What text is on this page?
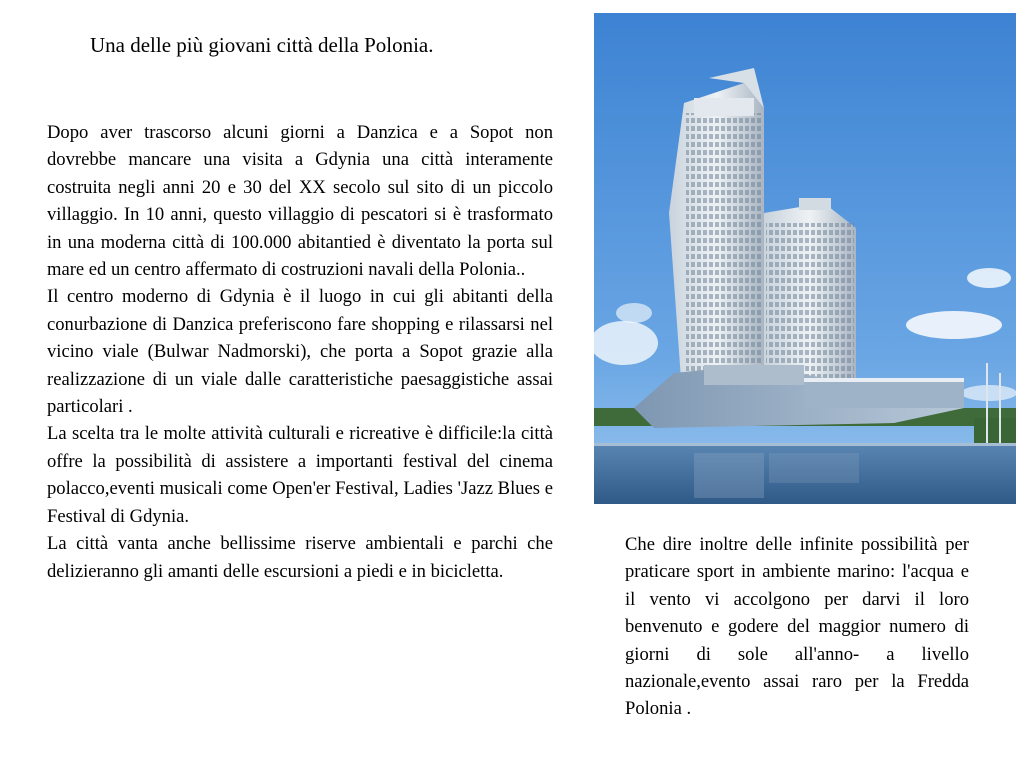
Una delle più giovani città della Polonia.

Dopo aver trascorso alcuni giorni a Danzica e a Sopot non dovrebbe mancare una visita a Gdynia una città interamente costruita negli anni 20 e 30 del XX secolo sul sito di un piccolo villaggio. In 10 anni, questo villaggio di pescatori si è trasformato in una moderna città di 100.000 abitantied è diventato la porta sul mare ed un centro affermato di costruzioni navali della Polonia..

Il centro moderno di Gdynia è il luogo in cui gli abitanti della conurbazione di Danzica preferiscono fare shopping e rilassarsi nel vicino viale (Bulwar Nadmorski), che porta a Sopot grazie alla realizzazione di un viale dalle caratteristiche paesaggistiche assai particolari .

La scelta tra le molte attività culturali e ricreative è difficile:la città offre la possibilità di assistere a importanti festival del cinema polacco,eventi musicali come Open'er Festival, Ladies 'Jazz Blues e Festival di Gdynia.

La città vanta anche bellissime riserve ambientali e parchi che delizieranno gli amanti delle escursioni a piedi e in bicicletta.

Che dire inoltre delle infinite possibilità per praticare sport in ambiente marino: l'acqua e il vento vi accolgono per darvi il loro benvenuto e godere del maggior numero di giorni di sole all'anno- a livello nazionale,evento assai raro per la Fredda Polonia .
